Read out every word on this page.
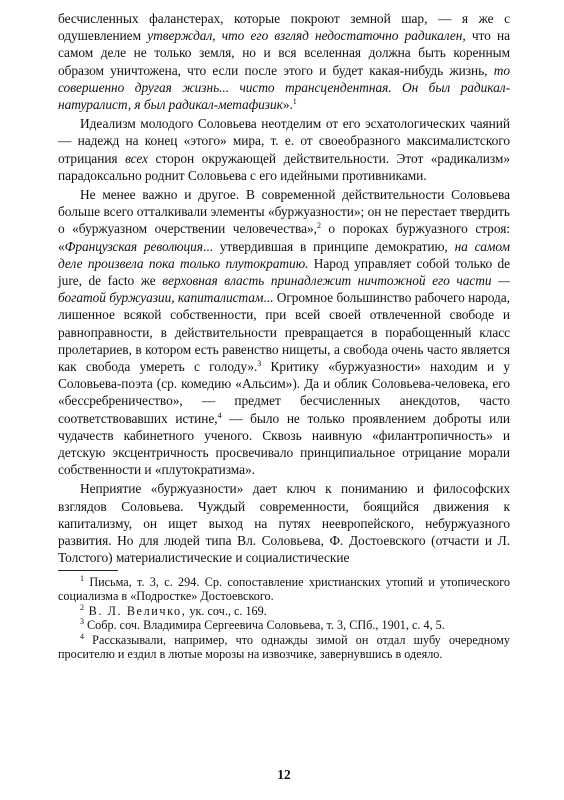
бесчисленных фаланстерах, которые покроют земной шар, — я же с одушевлением утверждал, что его взгляд недостаточно радикален, что на самом деле не только земля, но и вся вселенная должна быть коренным образом уничтожена, что если после этого и будет какая-нибудь жизнь, то совершенно другая жизнь... чисто трансцендентная. Он был радикал-натуралист, я был радикал-метафизик».$^1$

Идеализм молодого Соловьева неотделим от его эсхатологических чаяний — надежд на конец «этого» мира, т. е. от своеобразного максималистского отрицания всех сторон окружающей действительности. Этот «радикализм» парадоксально роднит Соловьева с его идейными противниками.

Не менее важно и другое. В современной действительности Соловьева больше всего отталкивали элементы «буржуазности»; он не перестает твердить о «буржуазном очерствении человечества»,$^2$ о пороках буржуазного строя: «Французская революция... утвердившая в принципе демократию, на самом деле произвела пока только плутократию. Народ управляет собой только de jure, de facto же верховная власть принадлежит ничтожной его части — богатой буржуазии, капиталистам... Огромное большинство рабочего народа, лишенное всякой собственности, при всей своей отвлеченной свободе и равноправности, в действительности превращается в порабощенный класс пролетариев, в котором есть равенство нищеты, а свобода очень часто является как свобода умереть с голоду».$^3$ Критику «буржуазности» находим и у Соловьева-поэта (ср. комедию «Альсим»). Да и облик Соловьева-человека, его «бессребреничество», — предмет бесчисленных анекдотов, часто соответствовавших истине,$^4$ — было не только проявлением доброты или чудачеств кабинетного ученого. Сквозь наивную «филантропичность» и детскую эксцентричность просвечивало принципиальное отрицание морали собственности и «плутократизма».

Неприятие «буржуазности» дает ключ к пониманию и философских взглядов Соловьева. Чуждый современности, боящийся движения к капитализму, он ищет выход на путях неевропейского, небуржуазного развития. Но для людей типа Вл. Соловьева, Ф. Достоевского (отчасти и Л. Толстого) материалистические и социалистические

$^1$ Письма, т. 3, с. 294. Ср. сопоставление христианских утопий и утопического социализма в «Подростке» Достоевского.

$^2$ В. Л. Величко, ук. соч., с. 169.

$^3$ Собр. соч. Владимира Сергеевича Соловьева, т. 3, СПб., 1901, с. 4, 5.

$^4$ Рассказывали, например, что однажды зимой он отдал шубу очередному просителю и ездил в лютые морозы на извозчике, завернувшись в одеяло.

12
